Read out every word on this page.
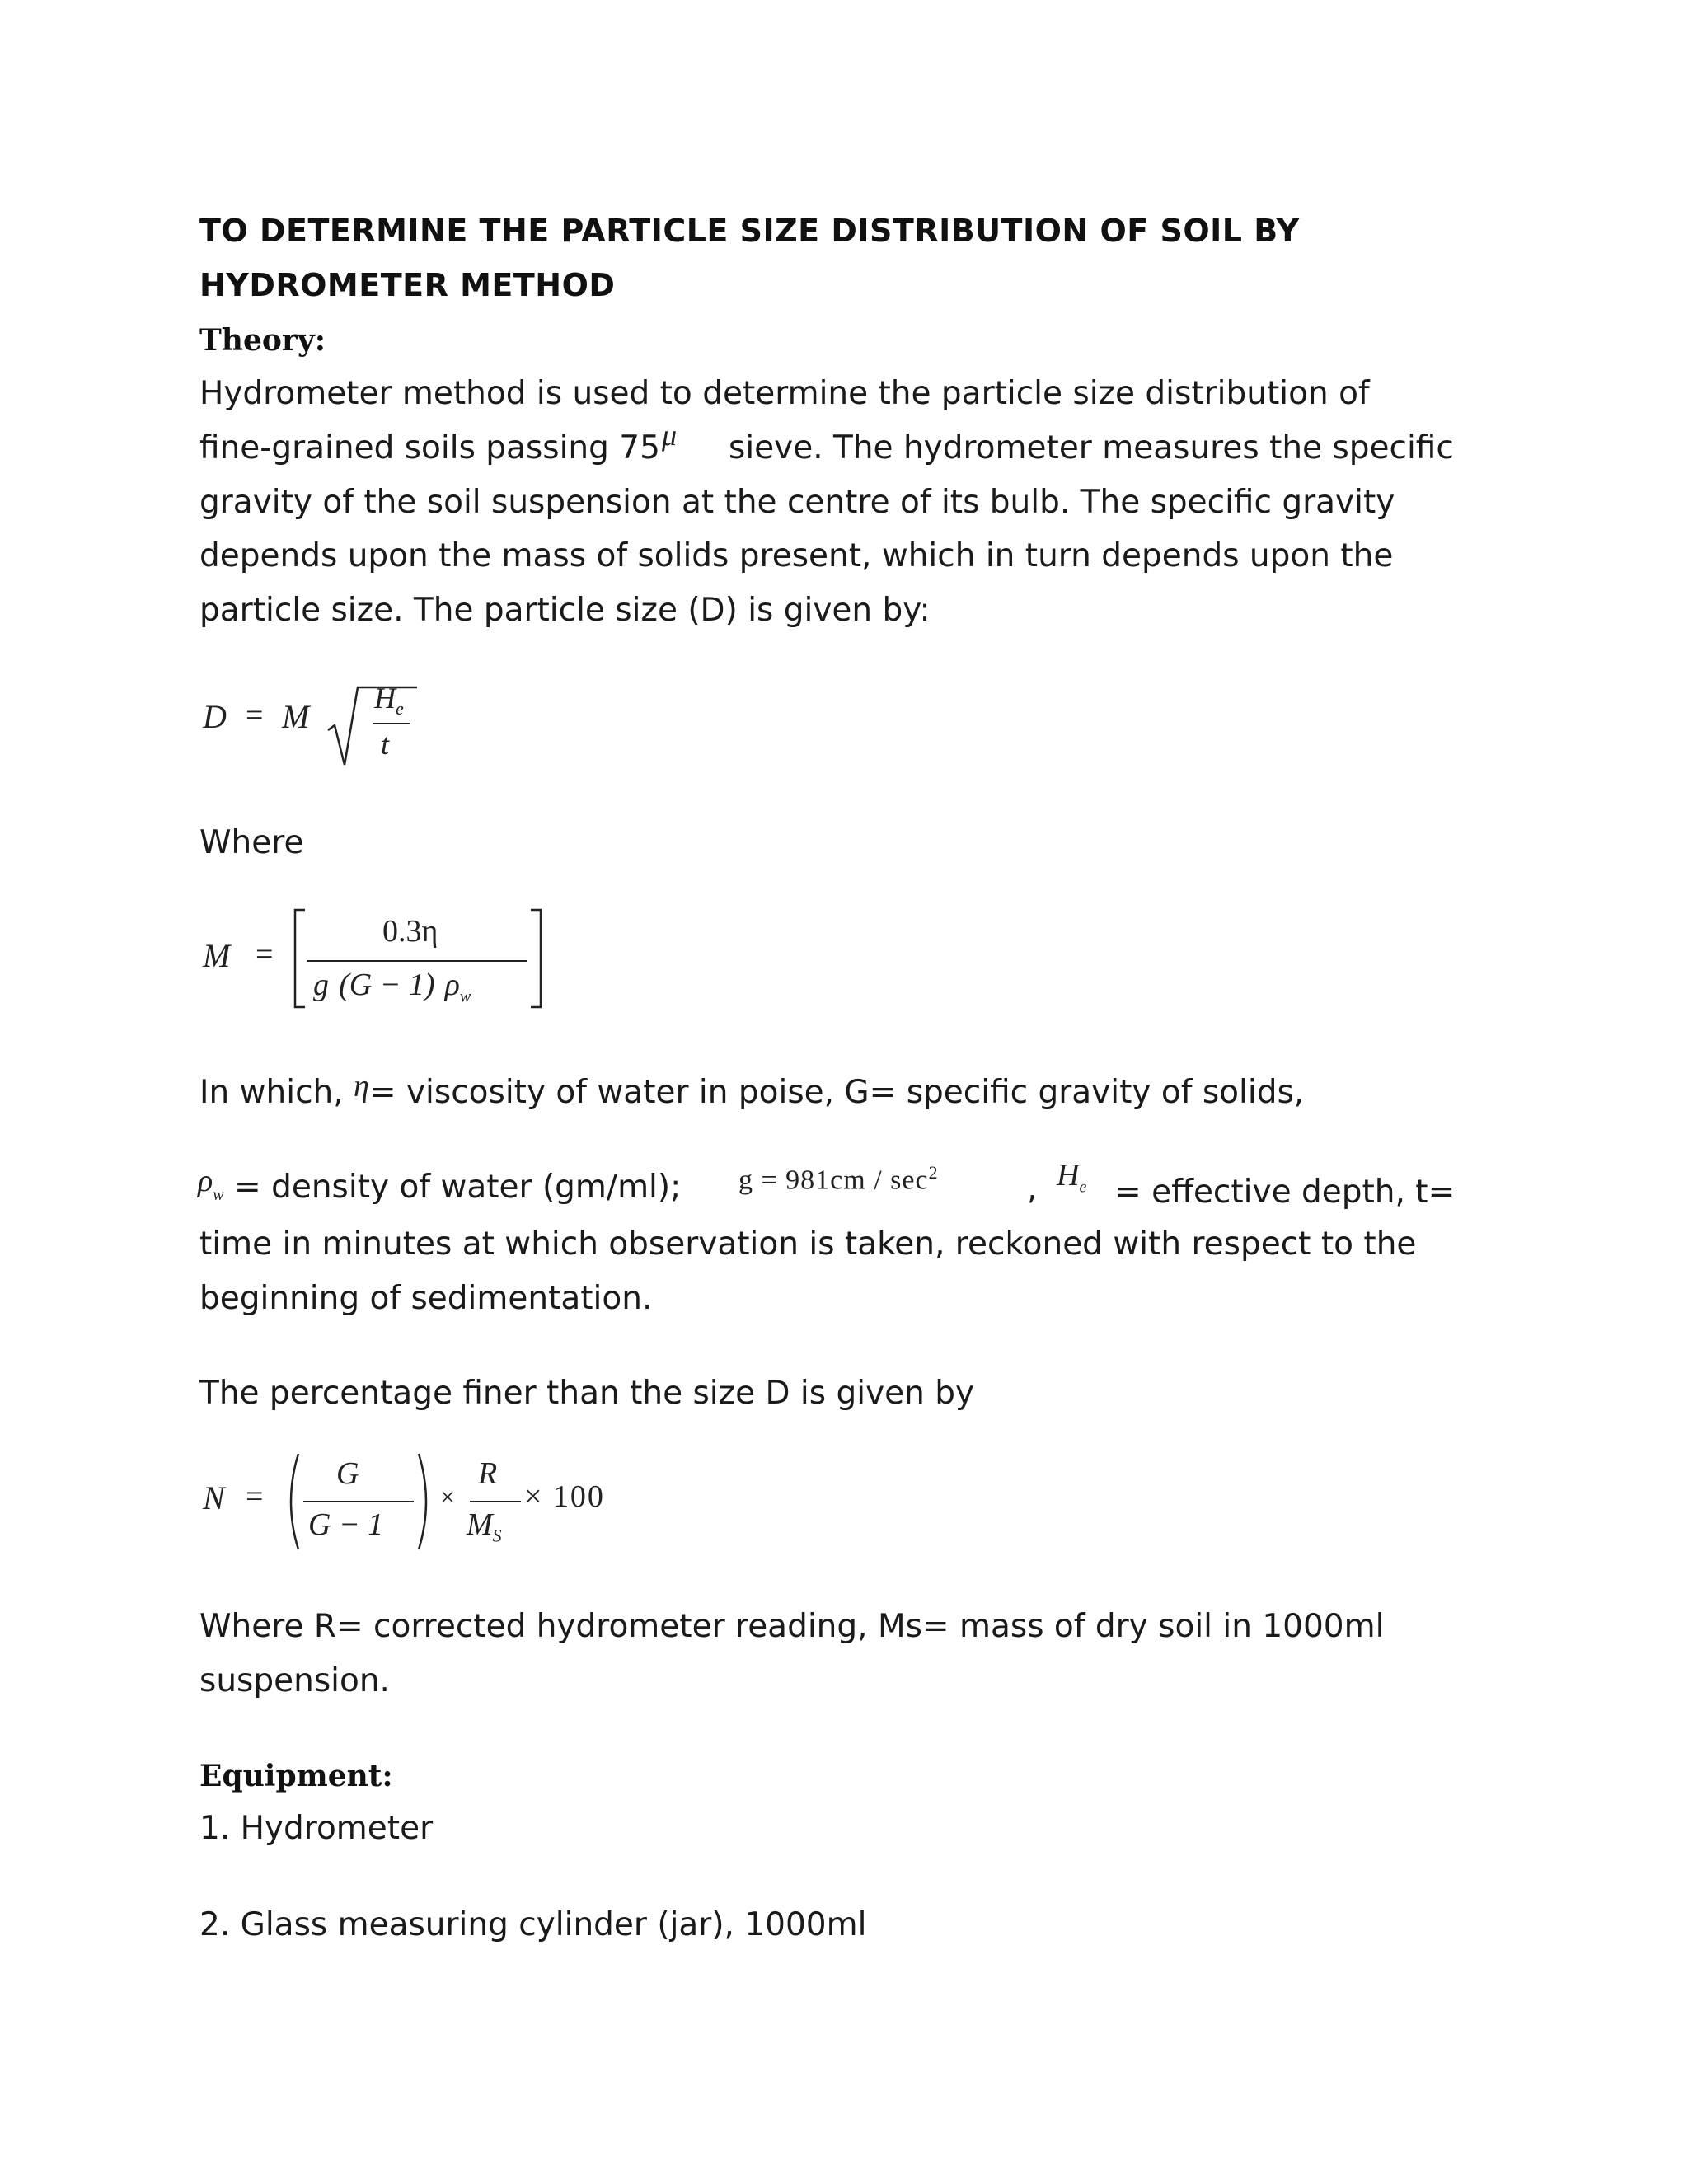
TO DETERMINE THE PARTICLE SIZE DISTRIBUTION OF SOIL BY
HYDROMETER METHOD
Theory:
Hydrometer method is used to determine the particle size distribution of
fine-grained soils passing 75μ sieve. The hydrometer measures the specific
gravity of the soil suspension at the centre of its bulb. The specific gravity
depends upon the mass of solids present, which in turn depends upon the
particle size. The particle size (D) is given by:
D = M $H_e$
t
Where
M =
0.3η
g (G − 1) $\rho_w$
In which, η= viscosity of water in poise, G= specific gravity of solids,
$\rho_w$ = density of water (gm/ml); $g = 981cm / \sec^2$	, $H_e$ = effective depth, t=
time in minutes at which observation is taken, reckoned with respect to the
beginning of sedimentation.
The percentage finer than the size D is given by
N =
G
G − 1
×
R
$M_S$
× 100
Where R= corrected hydrometer reading, Ms= mass of dry soil in 1000ml
suspension.
Equipment:
1. Hydrometer
2. Glass measuring cylinder (jar), 1000ml
